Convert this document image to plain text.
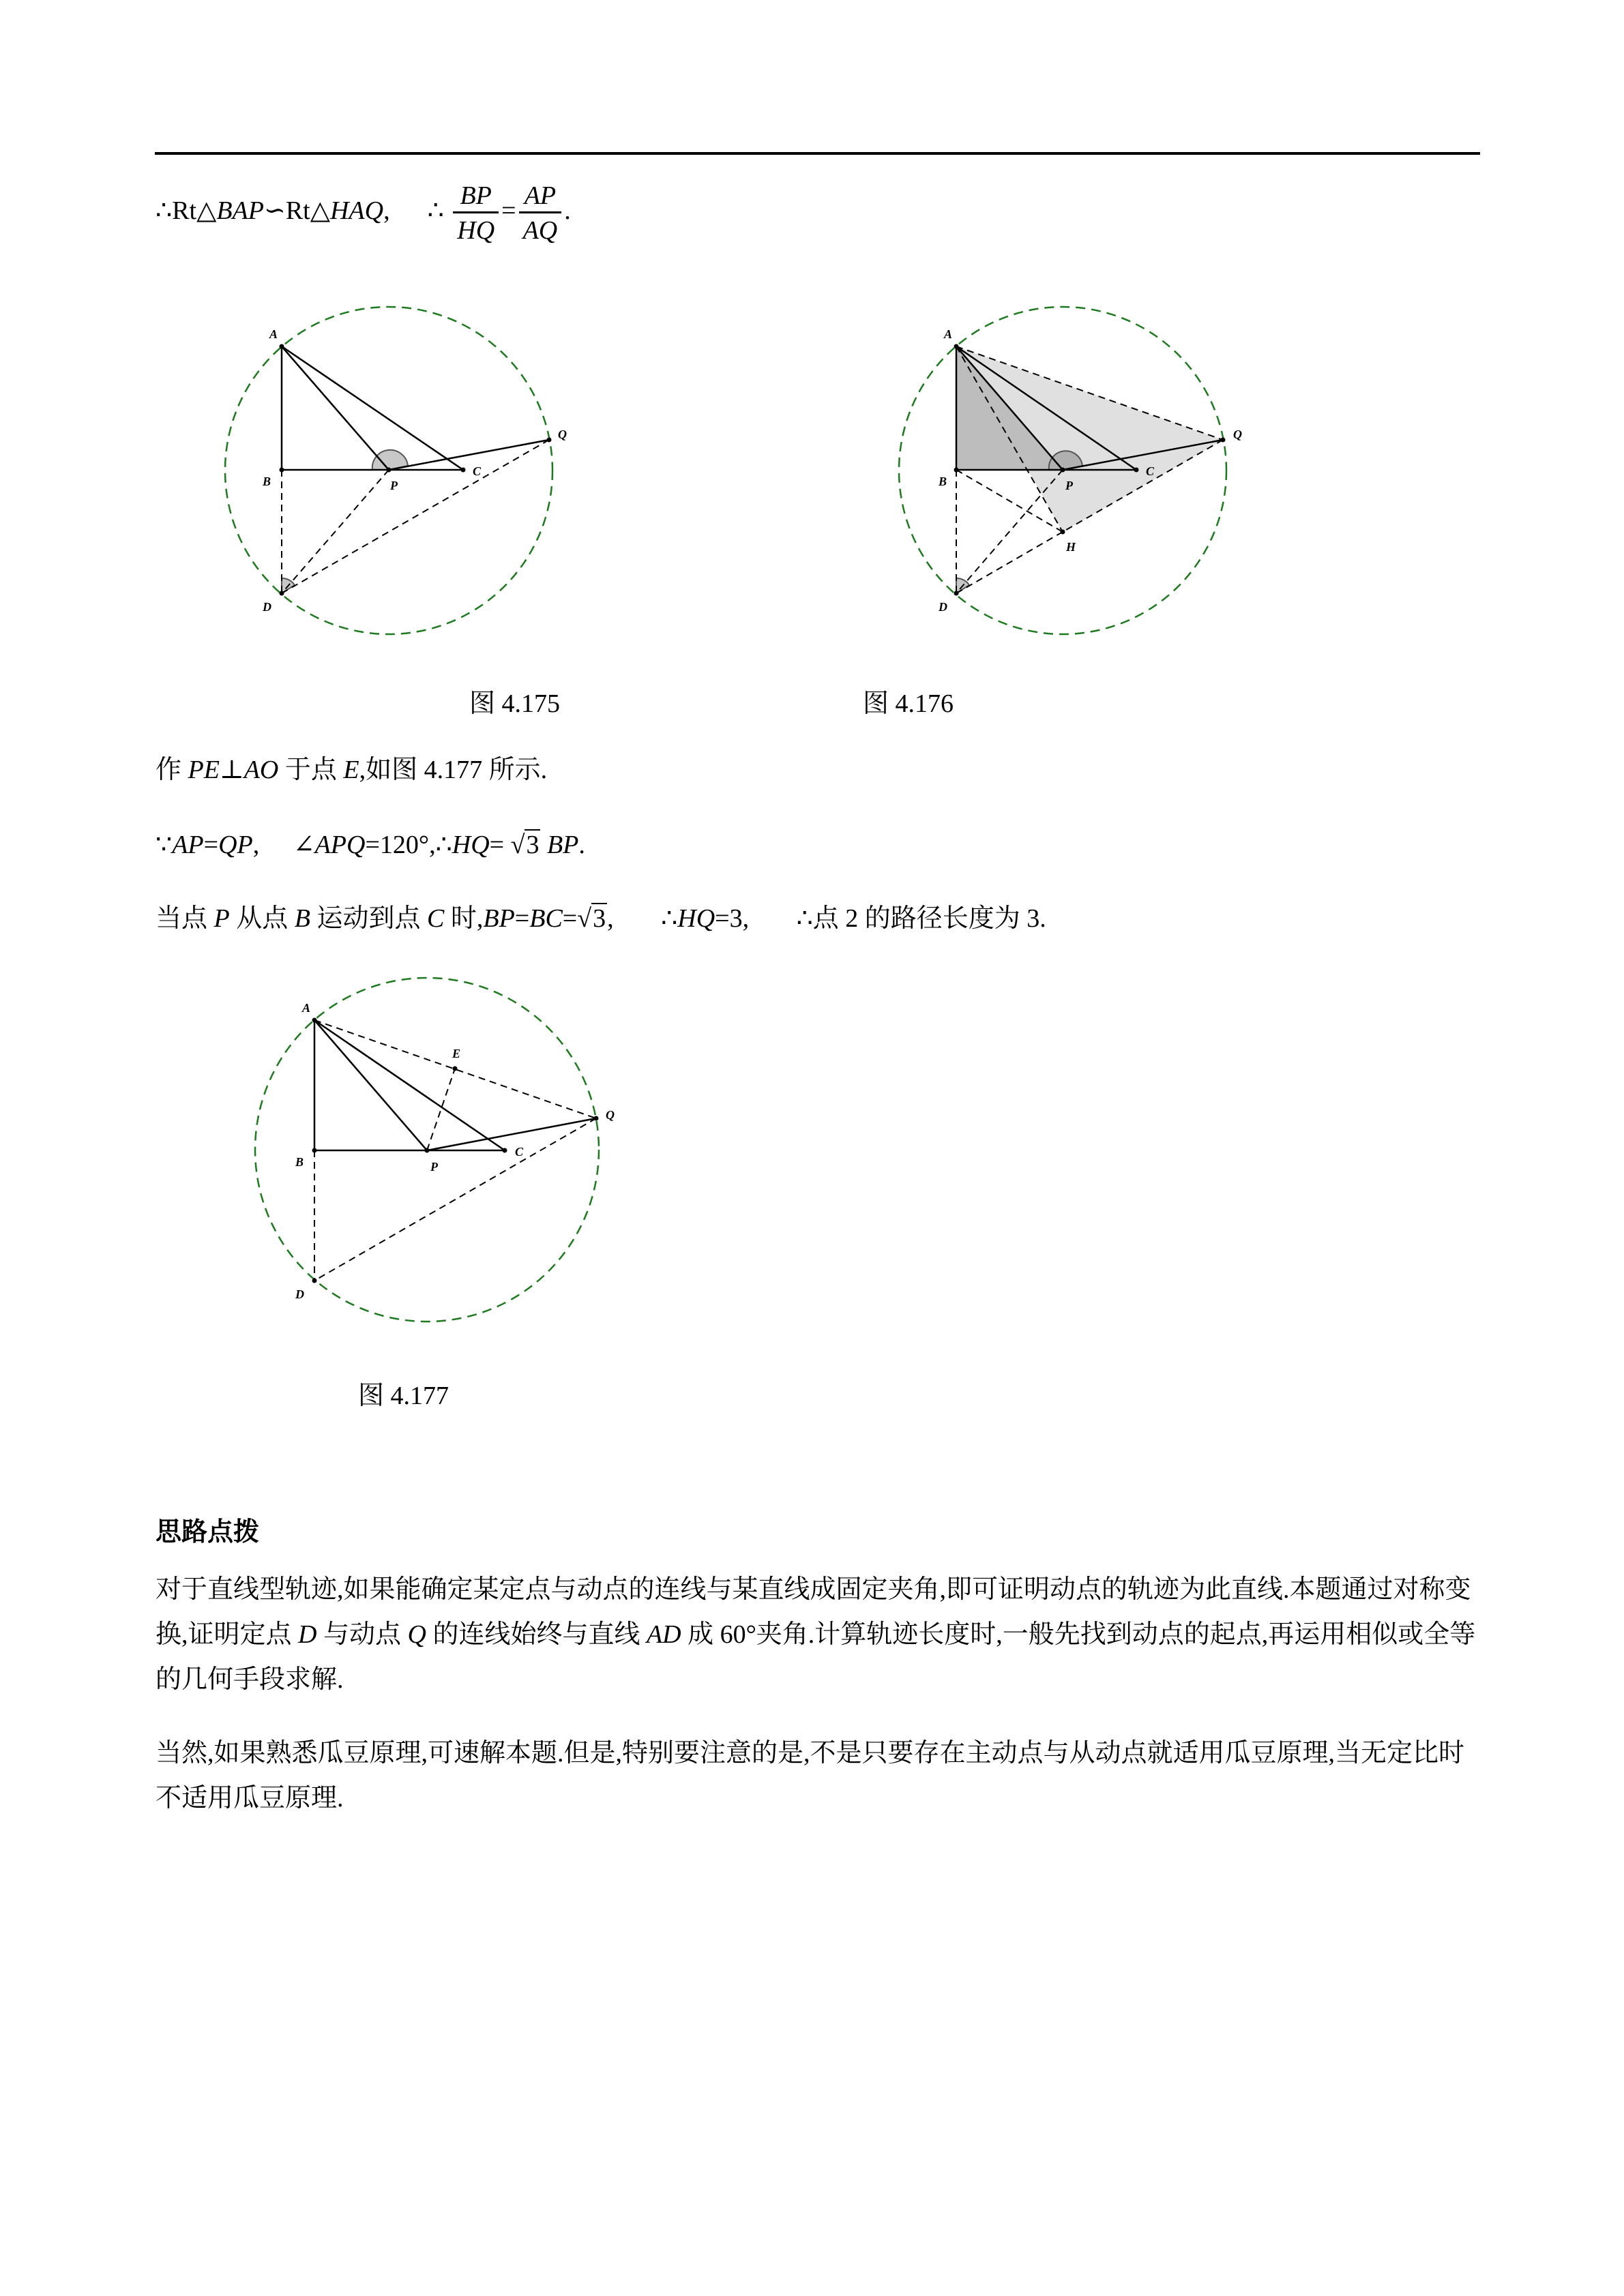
∴Rt△BAP∽Rt△HAQ, ∴ $\frac{BP}{HQ} = \frac{AP}{AQ}$ .
A
B	P
C
Q
D
A
B	P
C
Q
H
D
A
B	P
C
Q
E
D
图 4.175	图 4.176
图 4.177
作 PE⊥AO 于点 E,如图 4.177 所示.
∵AP=QP, ∠APQ=120°,∴HQ= √3 BP.
当点 P 从点 B 运动到点 C 时,BP=BC=√3, ∴HQ=3, ∴点 2 的路径长度为 3.
思路点拨
对于直线型轨迹,如果能确定某定点与动点的连线与某直线成固定夹角,即可证明动点的轨迹为此直线.本题通过对称变换,证明定点 D 与动点 Q 的连线始终与直线 AD 成 60°夹角.计算轨迹长度时,一般先找到动点的起点,再运用相似或全等的几何手段求解.
当然,如果熟悉瓜豆原理,可速解本题.但是,特别要注意的是,不是只要存在主动点与从动点就适用瓜豆原理,当无定比时不适用瓜豆原理.
